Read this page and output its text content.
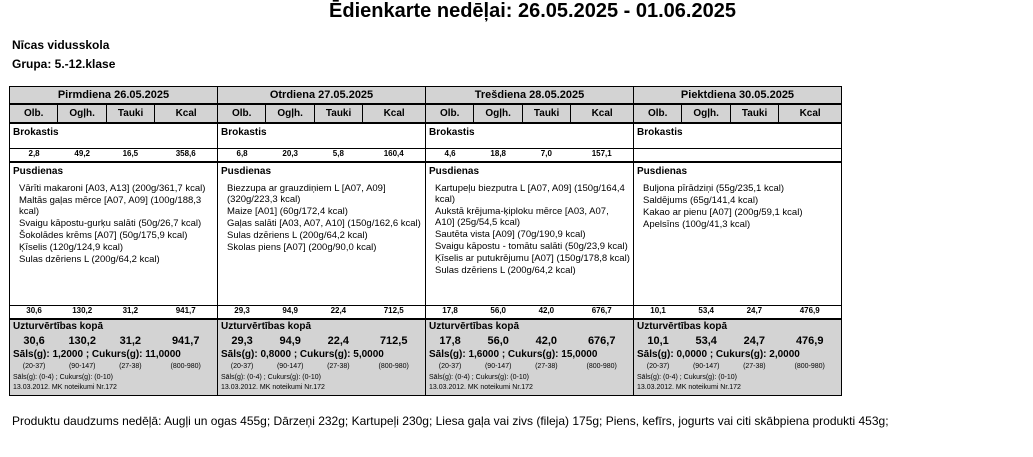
Ēdienkarte nedēļai: 26.05.2025 - 01.06.2025
Nīcas vidusskola
Grupa: 5.-12.klase
Pirmdiena 26.05.2025
Olb.	Ogļh.	Tauki	Kcal
Brokastis
2,8	49,2	16,5	358,6
Pusdienas
Vārīti makaroni [A03, A13] (200g/361,7 kcal)
Maltās gaļas mērce [A07, A09] (100g/188,3 kcal)
Svaigu kāpostu-gurķu salāti (50g/26,7 kcal)
Šokolādes krēms [A07] (50g/175,9 kcal)
Ķīselis (120g/124,9 kcal)
Sulas dzēriens L (200g/64,2 kcal)
30,6	130,2	31,2	941,7
Uzturvērtības kopā
30,6	130,2	31,2	941,7
Sāls(g): 1,2000 ; Cukurs(g): 11,0000
(20-37)	(90-147)	(27-38)	(800-980)
Sāls(g): (0-4) ; Cukurs(g): (0-10)
13.03.2012. MK noteikumi Nr.172
Otrdiena 27.05.2025
Olb.	Ogļh.	Tauki	Kcal
Brokastis
6,8	20,3	5,8	160,4
Pusdienas
Biezzupa ar grauzdiņiem L [A07, A09] (320g/223,3 kcal)
Maize [A01] (60g/172,4 kcal)
Gaļas salāti [A03, A07, A10] (150g/162,6 kcal)
Sulas dzēriens L (200g/64,2 kcal)
Skolas piens [A07] (200g/90,0 kcal)
29,3	94,9	22,4	712,5
Uzturvērtības kopā
29,3	94,9	22,4	712,5
Sāls(g): 0,8000 ; Cukurs(g): 5,0000
(20-37)	(90-147)	(27-38)	(800-980)
Sāls(g): (0-4) ; Cukurs(g): (0-10)
13.03.2012. MK noteikumi Nr.172
Trešdiena 28.05.2025
Olb.	Ogļh.	Tauki	Kcal
Brokastis
4,6	18,8	7,0	157,1
Pusdienas
Kartupeļu biezputra L [A07, A09] (150g/164,4 kcal)
Aukstā krējuma-ķiploku mērce [A03, A07, A10] (25g/54,5 kcal)
Sautēta vista [A09] (70g/190,9 kcal)
Svaigu kāpostu - tomātu salāti (50g/23,9 kcal)
Ķīselis ar putukrējumu [A07] (150g/178,8 kcal)
Sulas dzēriens L (200g/64,2 kcal)
17,8	56,0	42,0	676,7
Uzturvērtības kopā
17,8	56,0	42,0	676,7
Sāls(g): 1,6000 ; Cukurs(g): 15,0000
(20-37)	(90-147)	(27-38)	(800-980)
Sāls(g): (0-4) ; Cukurs(g): (0-10)
13.03.2012. MK noteikumi Nr.172
Piektdiena 30.05.2025
Olb.	Ogļh.	Tauki	Kcal
Brokastis
Pusdienas
Buljona pīrādziņi (55g/235,1 kcal)
Saldējums (65g/141,4 kcal)
Kakao ar pienu [A07] (200g/59,1 kcal)
Apelsīns (100g/41,3 kcal)
10,1	53,4	24,7	476,9
Uzturvērtības kopā
10,1	53,4	24,7	476,9
Sāls(g): 0,0000 ; Cukurs(g): 2,0000
(20-37)	(90-147)	(27-38)	(800-980)
Sāls(g): (0-4) ; Cukurs(g): (0-10)
13.03.2012. MK noteikumi Nr.172
Produktu daudzums nedēļā: Augļi un ogas 455g; Dārzeņi 232g; Kartupeļi 230g; Liesa gaļa vai zivs (fileja) 175g; Piens, kefīrs, jogurts vai citi skābpiena produkti 453g;
